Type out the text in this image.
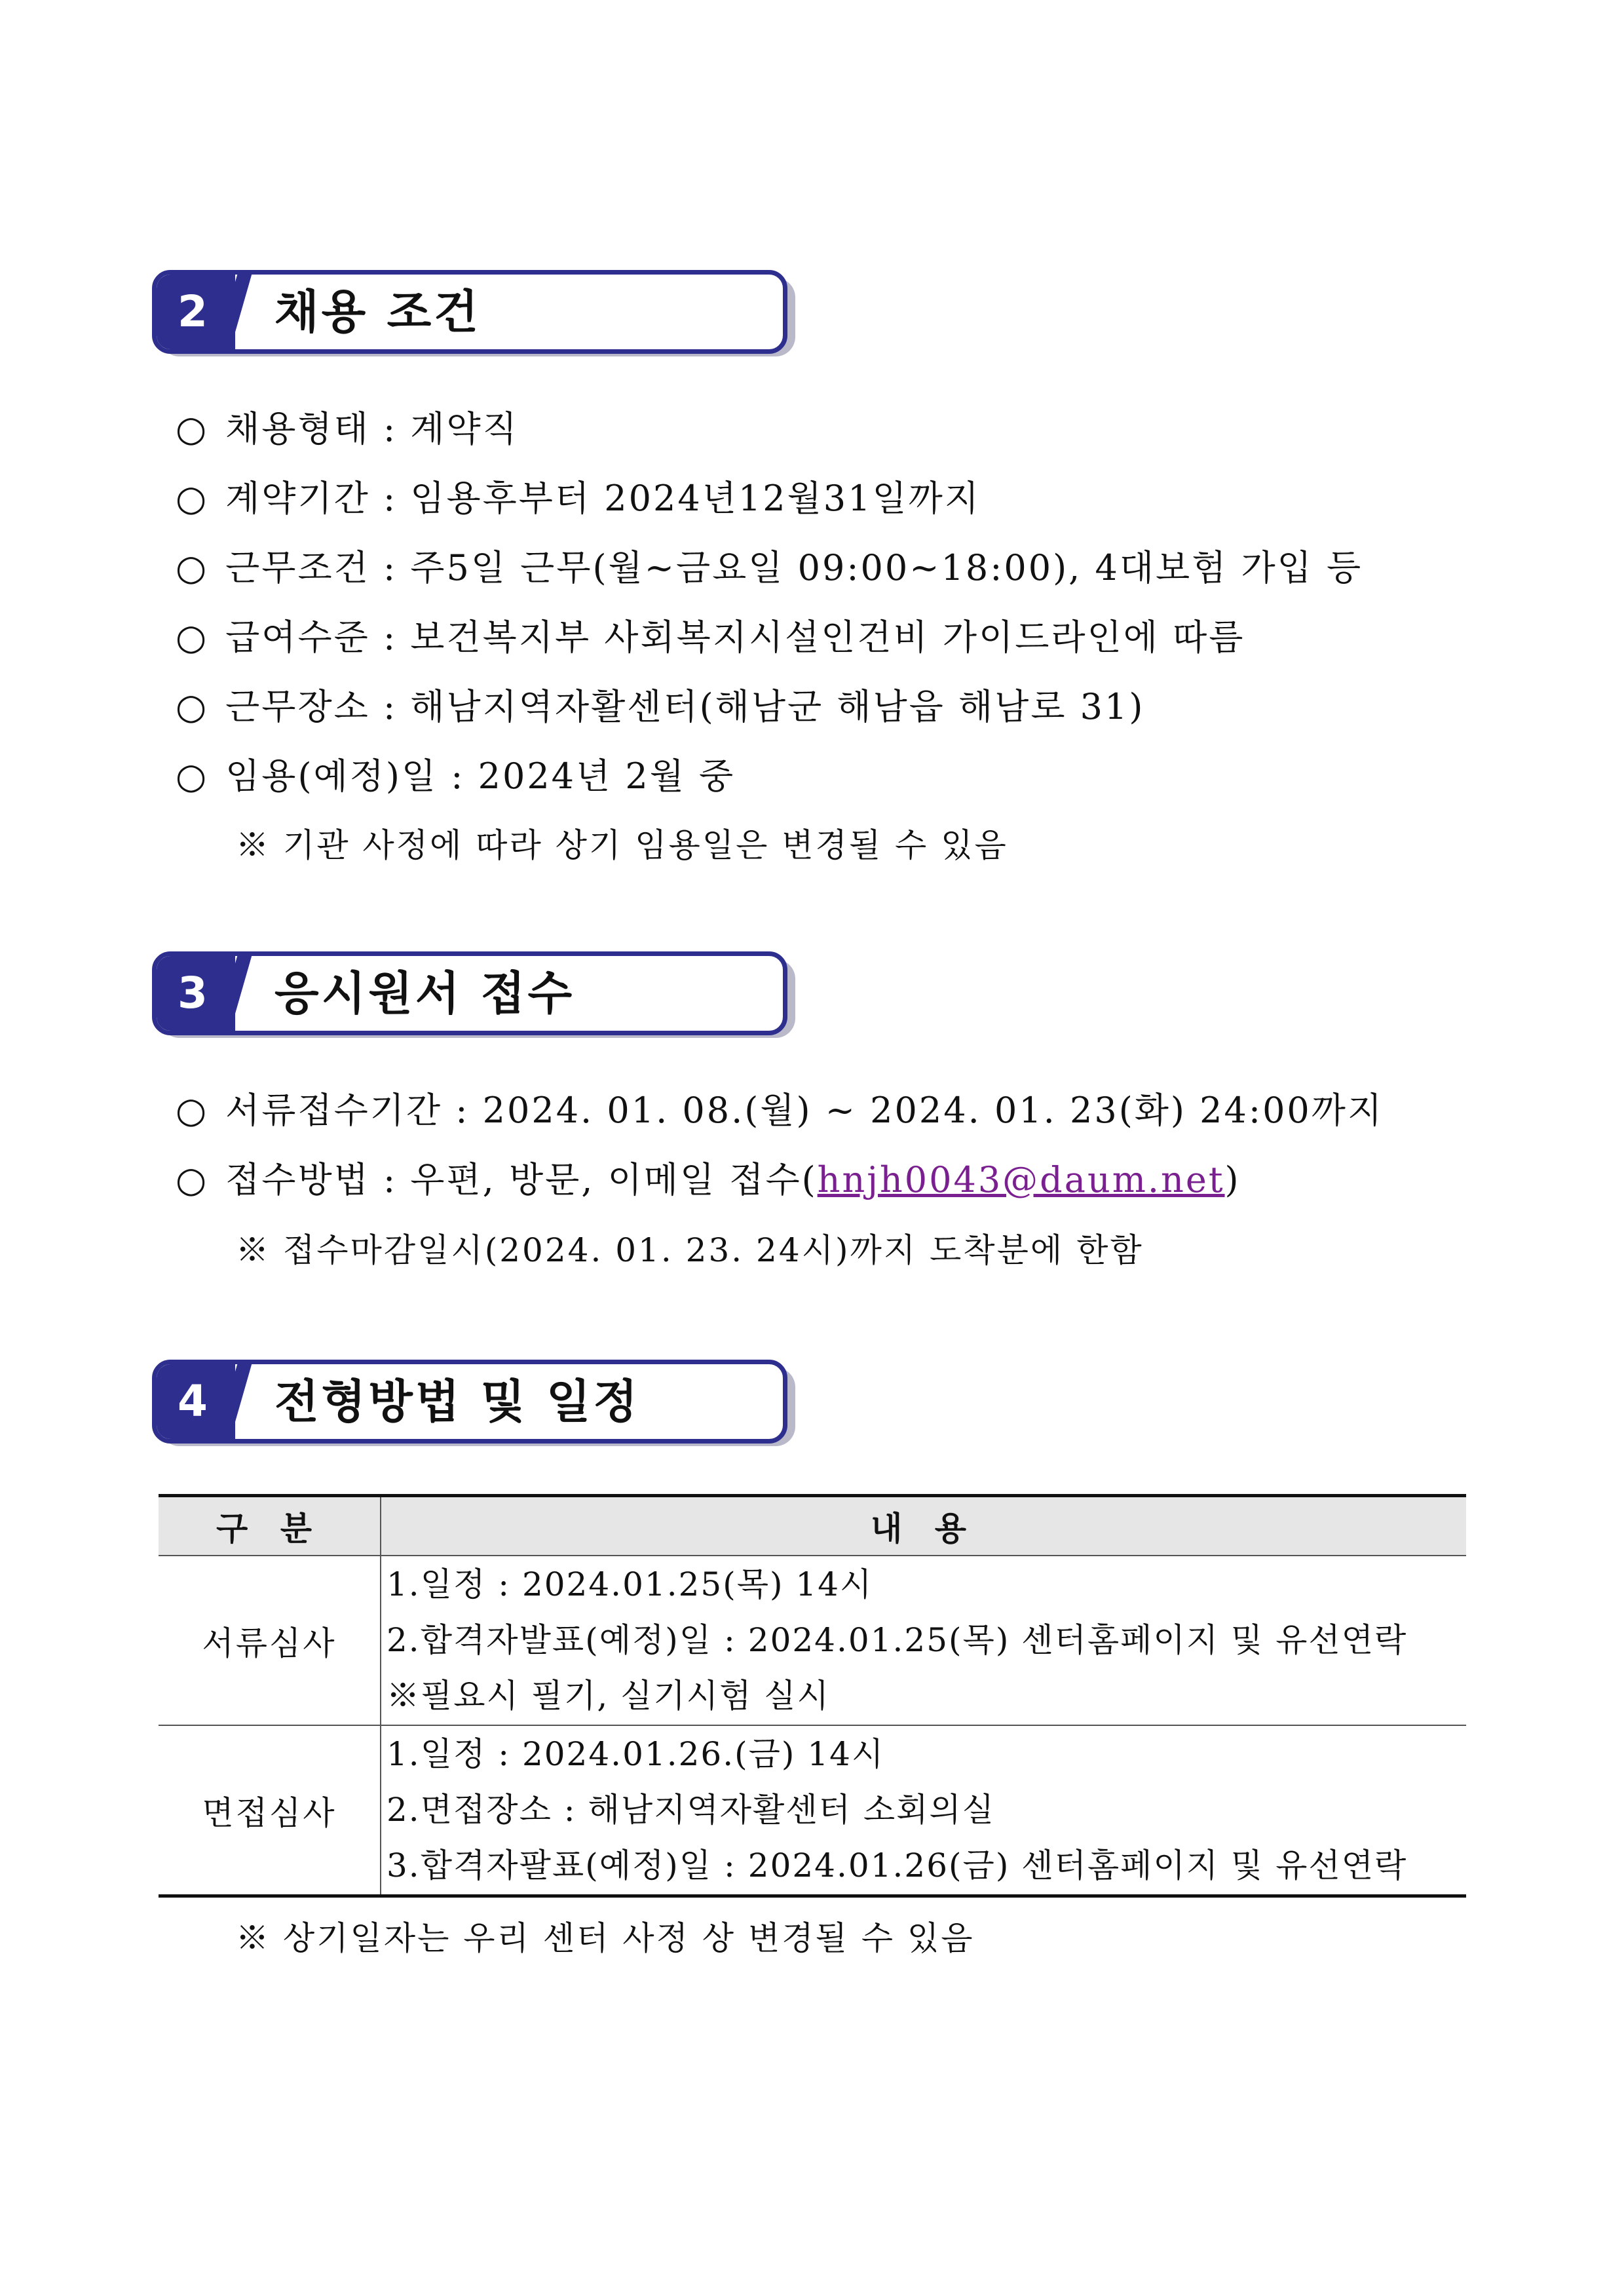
2	채용 조건
○ 채용형태 : 계약직
○ 계약기간 : 임용후부터 2024년12월31일까지
○ 근무조건 : 주5일 근무(월~금요일 09:00~18:00), 4대보험 가입 등
○ 급여수준 : 보건복지부 사회복지시설인건비 가이드라인에 따름
○ 근무장소 : 해남지역자활센터(해남군 해남읍 해남로 31)
○ 임용(예정)일 : 2024년 2월 중
※ 기관 사정에 따라 상기 임용일은 변경될 수 있음
3	응시원서 접수
○ 서류접수기간 : 2024. 01. 08.(월) ~ 2024. 01. 23(화) 24:00까지
○ 접수방법 : 우편, 방문, 이메일 접수(hnjh0043@daum.net)
※ 접수마감일시(2024. 01. 23. 24시)까지 도착분에 한함
4	전형방법 및 일정
구 분	내 용
서류심사	1.일정 : 2024.01.25(목) 14시
2.합격자발표(예정)일 : 2024.01.25(목) 센터홈페이지 및 유선연락
※필요시 필기, 실기시험 실시

면접심사	1.일정 : 2024.01.26.(금) 14시
2.면접장소 : 해남지역자활센터 소회의실
3.합격자팔표(예정)일 : 2024.01.26(금) 센터홈페이지 및 유선연락
※ 상기일자는 우리 센터 사정 상 변경될 수 있음
